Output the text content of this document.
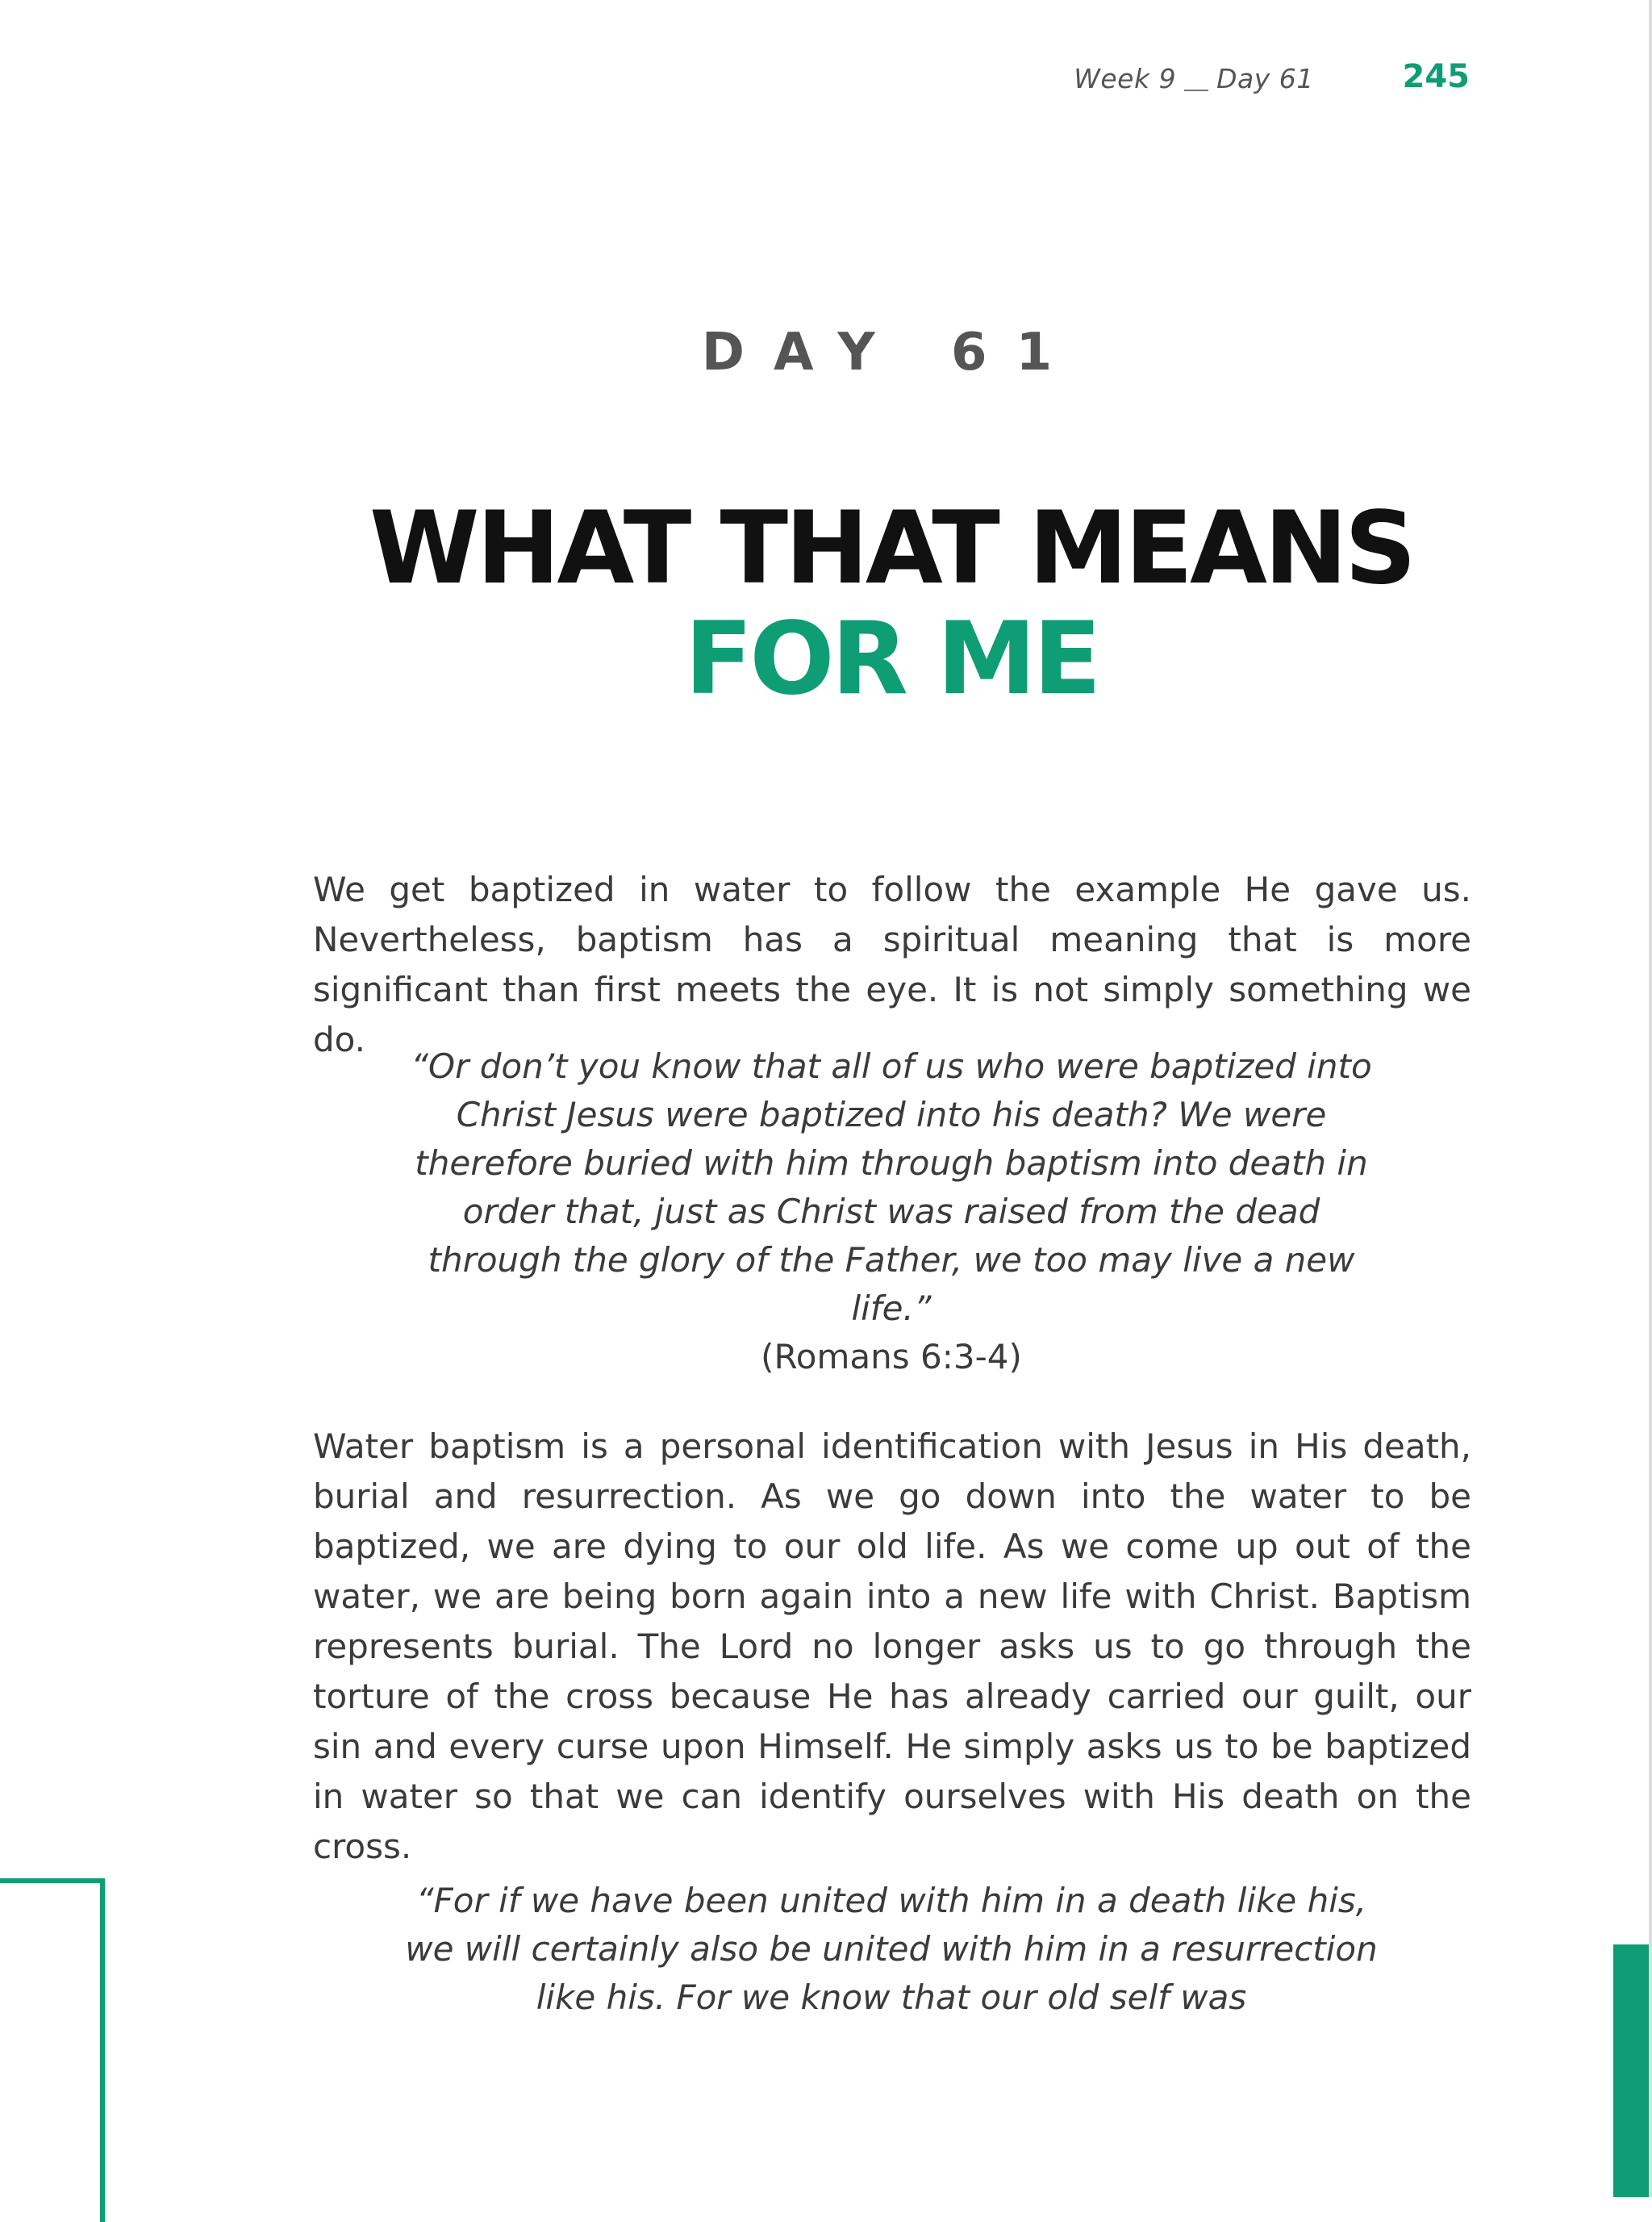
Week 9 Day 61	245
DAY 61
WHAT THAT MEANS
FOR ME
We get baptized in water to follow the example He gave us. Nevertheless, baptism has a spiritual meaning that is more significant than first meets the eye. It is not simply something we do.
“Or don’t you know that all of us who were baptized into Christ Jesus were baptized into his death? We were therefore buried with him through baptism into death in order that, just as Christ was raised from the dead through the glory of the Father, we too may live a new life.”
(Romans 6:3-4)
Water baptism is a personal identification with Jesus in His death, burial and resurrection. As we go down into the water to be baptized, we are dying to our old life. As we come up out of the water, we are being born again into a new life with Christ. Baptism represents burial. The Lord no longer asks us to go through the torture of the cross because He has already carried our guilt, our sin and every curse upon Himself. He simply asks us to be baptized in water so that we can identify ourselves with His death on the cross.
“For if we have been united with him in a death like his, we will certainly also be united with him in a resurrection like his. For we know that our old self was
